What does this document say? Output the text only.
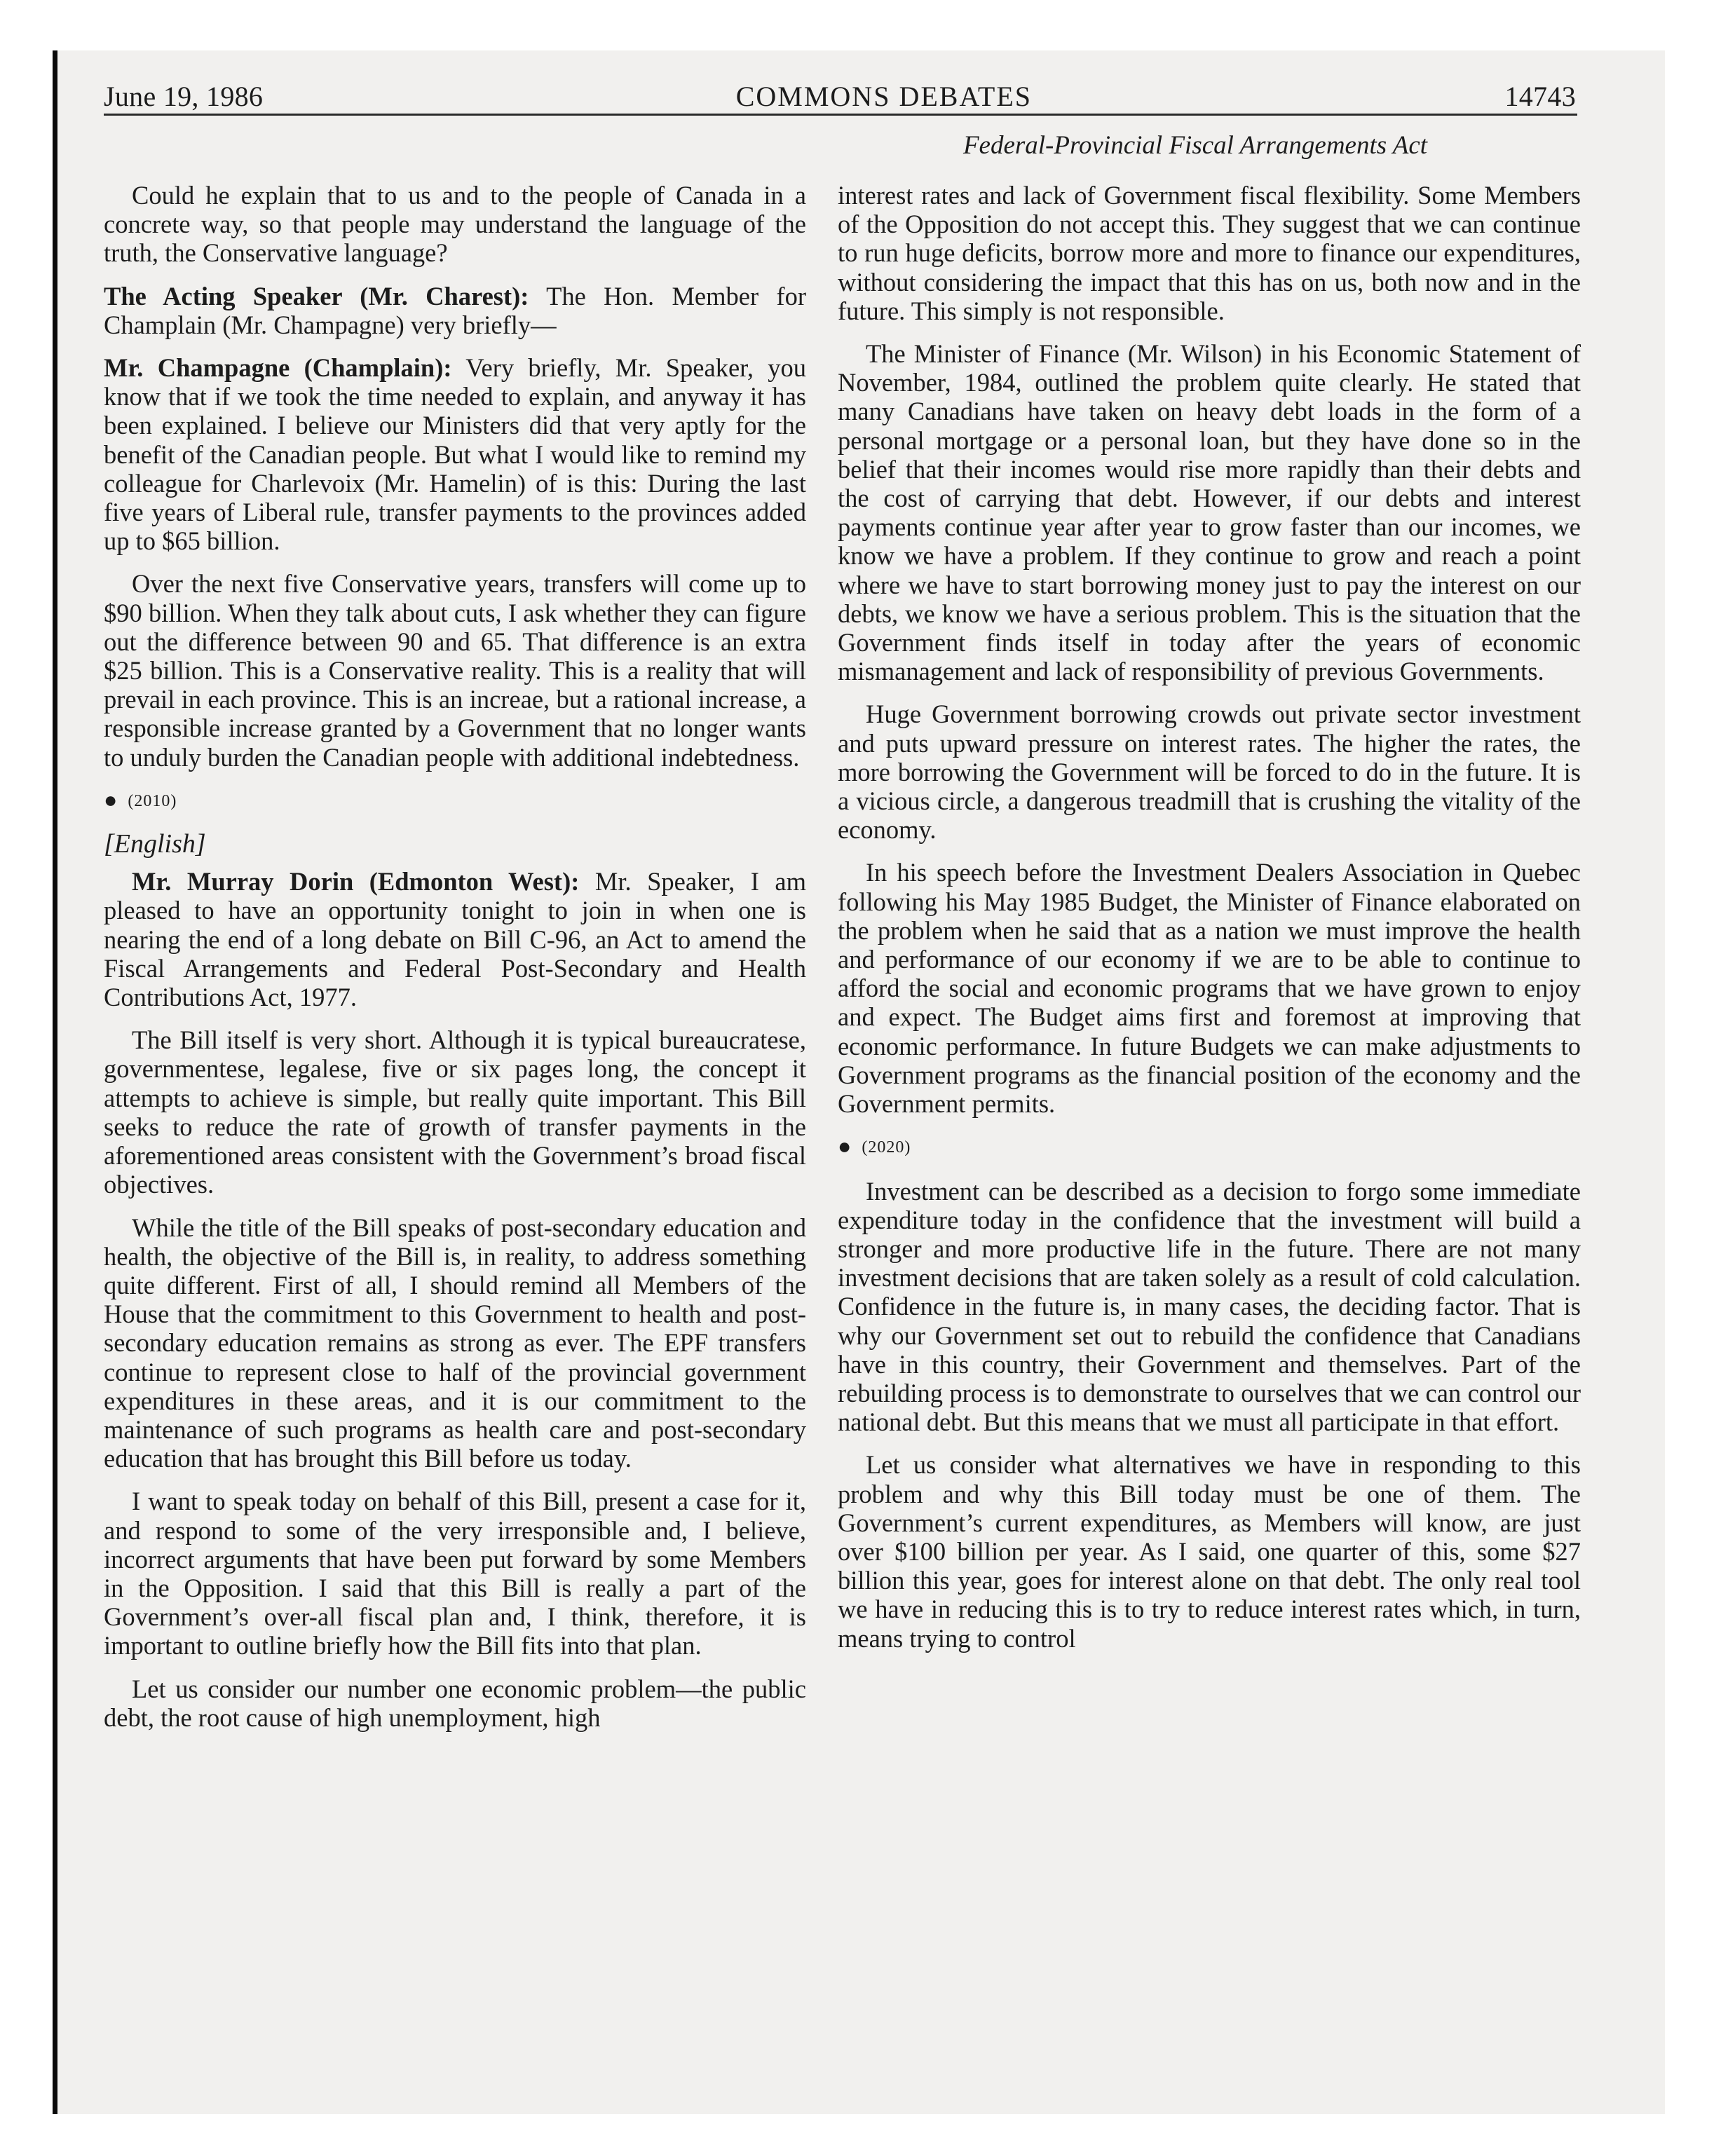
June 19, 1986	COMMONS DEBATES	14743
Federal-Provincial Fiscal Arrangements Act

Could he explain that to us and to the people of Canada in a concrete way, so that people may understand the language of the truth, the Conservative language?

The Acting Speaker (Mr. Charest): The Hon. Member for Champlain (Mr. Champagne) very briefly—

Mr. Champagne (Champlain): Very briefly, Mr. Speaker, you know that if we took the time needed to explain, and anyway it has been explained. I believe our Ministers did that very aptly for the benefit of the Canadian people. But what I would like to remind my colleague for Charlevoix (Mr. Hamelin) of is this: During the last five years of Liberal rule, transfer payments to the provinces added up to $65 billion.

Over the next five Conservative years, transfers will come up to $90 billion. When they talk about cuts, I ask whether they can figure out the difference between 90 and 65. That difference is an extra $25 billion. This is a Conservative reality. This is a reality that will prevail in each province. This is an increae, but a rational increase, a responsible increase granted by a Government that no longer wants to unduly burden the Canadian people with additional indebtedness.

● (2010)
[English]

Mr. Murray Dorin (Edmonton West): Mr. Speaker, I am pleased to have an opportunity tonight to join in when one is nearing the end of a long debate on Bill C-96, an Act to amend the Fiscal Arrangements and Federal Post-Secondary and Health Contributions Act, 1977.

The Bill itself is very short. Although it is typical bureaucratese, governmentese, legalese, five or six pages long, the concept it attempts to achieve is simple, but really quite important. This Bill seeks to reduce the rate of growth of transfer payments in the aforementioned areas consistent with the Government’s broad fiscal objectives.

While the title of the Bill speaks of post-secondary education and health, the objective of the Bill is, in reality, to address something quite different. First of all, I should remind all Members of the House that the commitment to this Government to health and post-secondary education remains as strong as ever. The EPF transfers continue to represent close to half of the provincial government expenditures in these areas, and it is our commitment to the maintenance of such programs as health care and post-secondary education that has brought this Bill before us today.

I want to speak today on behalf of this Bill, present a case for it, and respond to some of the very irresponsible and, I believe, incorrect arguments that have been put forward by some Members in the Opposition. I said that this Bill is really a part of the Government’s over-all fiscal plan and, I think, therefore, it is important to outline briefly how the Bill fits into that plan.

Let us consider our number one economic problem—the public debt, the root cause of high unemployment, high

interest rates and lack of Government fiscal flexibility. Some Members of the Opposition do not accept this. They suggest that we can continue to run huge deficits, borrow more and more to finance our expenditures, without considering the impact that this has on us, both now and in the future. This simply is not responsible.

The Minister of Finance (Mr. Wilson) in his Economic Statement of November, 1984, outlined the problem quite clearly. He stated that many Canadians have taken on heavy debt loads in the form of a personal mortgage or a personal loan, but they have done so in the belief that their incomes would rise more rapidly than their debts and the cost of carrying that debt. However, if our debts and interest payments continue year after year to grow faster than our incomes, we know we have a problem. If they continue to grow and reach a point where we have to start borrowing money just to pay the interest on our debts, we know we have a serious problem. This is the situation that the Government finds itself in today after the years of economic mismanagement and lack of responsibility of previous Governments.

Huge Government borrowing crowds out private sector investment and puts upward pressure on interest rates. The higher the rates, the more borrowing the Government will be forced to do in the future. It is a vicious circle, a dangerous treadmill that is crushing the vitality of the economy.

In his speech before the Investment Dealers Association in Quebec following his May 1985 Budget, the Minister of Finance elaborated on the problem when he said that as a nation we must improve the health and performance of our economy if we are to be able to continue to afford the social and economic programs that we have grown to enjoy and expect. The Budget aims first and foremost at improving that economic performance. In future Budgets we can make adjustments to Government programs as the financial position of the economy and the Government permits.

● (2020)

Investment can be described as a decision to forgo some immediate expenditure today in the confidence that the investment will build a stronger and more productive life in the future. There are not many investment decisions that are taken solely as a result of cold calculation. Confidence in the future is, in many cases, the deciding factor. That is why our Government set out to rebuild the confidence that Canadians have in this country, their Government and themselves. Part of the rebuilding process is to demonstrate to ourselves that we can control our national debt. But this means that we must all participate in that effort.

Let us consider what alternatives we have in responding to this problem and why this Bill today must be one of them. The Government’s current expenditures, as Members will know, are just over $100 billion per year. As I said, one quarter of this, some $27 billion this year, goes for interest alone on that debt. The only real tool we have in reducing this is to try to reduce interest rates which, in turn, means trying to control
